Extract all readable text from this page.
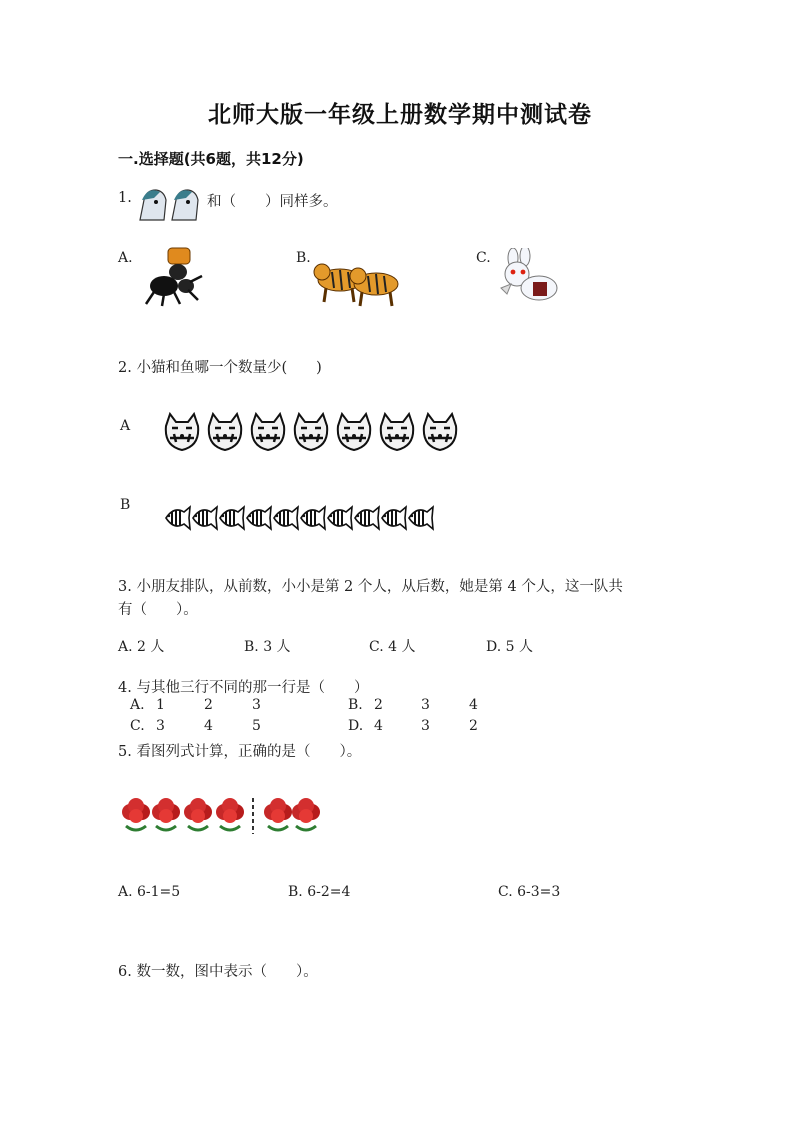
北师大版一年级上册数学期中测试卷
一.选择题(共6题，共12分)
1.	和（　　）同样多。
A.	B.	C.
2. 小猫和鱼哪一个数量少(　　)
A
B
3. 小朋友排队，从前数，小小是第 2 个人，从后数，她是第 4 个人，这一队共
有（　　）。
A. 2 人	B. 3 人	C. 4 人	D. 5 人
4. 与其他三行不同的那一行是（　　）
A. 1	2	3	B. 2	3	4
C. 3	4	5	D. 4	3	2
5. 看图列式计算，正确的是（　　）。
A. 6-1=5	B. 6-2=4	C. 6-3=3
6. 数一数，图中表示（　　）。
